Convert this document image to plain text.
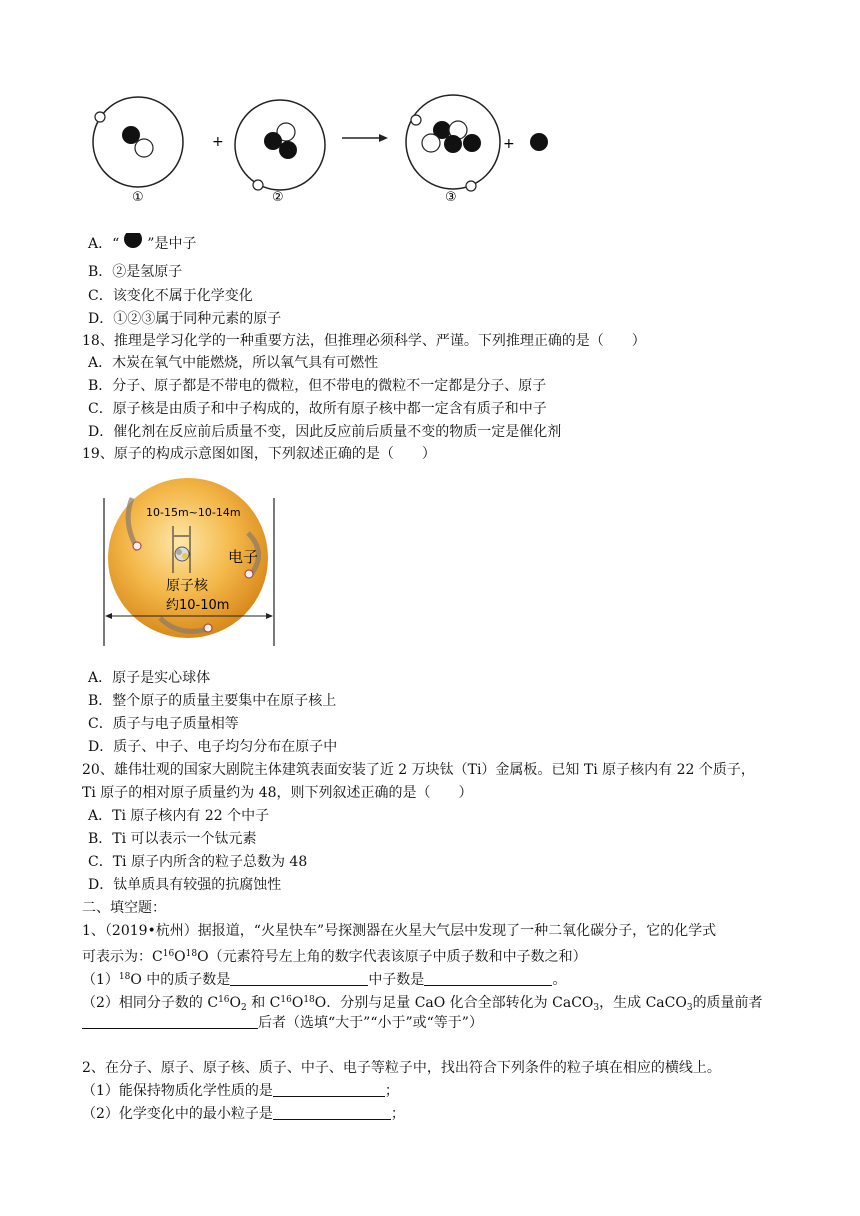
+	+
①	②	③
A．“ ”是中子
B．②是氢原子
C．该变化不属于化学变化
D．①②③属于同种元素的原子
18、推理是学习化学的一种重要方法，但推理必须科学、严谨。下列推理正确的是（　　）
A．木炭在氧气中能燃烧，所以氧气具有可燃性
B．分子、原子都是不带电的微粒，但不带电的微粒不一定都是分子、原子
C．原子核是由质子和中子构成的，故所有原子核中都一定含有质子和中子
D．催化剂在反应前后质量不变，因此反应前后质量不变的物质一定是催化剂
19、原子的构成示意图如图，下列叙述正确的是（　　）
10-15m~10-14m
电子
原子核
约10-10m
A．原子是实心球体
B．整个原子的质量主要集中在原子核上
C．质子与电子质量相等
D．质子、中子、电子均匀分布在原子中
20、雄伟壮观的国家大剧院主体建筑表面安装了近 2 万块钛（Ti）金属板。已知 Ti 原子核内有 22 个质子，
Ti 原子的相对原子质量约为 48，则下列叙述正确的是（　　）
A．Ti 原子核内有 22 个中子
B．Ti 可以表示一个钛元素
C．Ti 原子内所含的粒子总数为 48
D．钛单质具有较强的抗腐蚀性
二、填空题：
1、（2019•杭州）据报道，“火星快车”号探测器在火星大气层中发现了一种二氧化碳分子，它的化学式
可表示为：$C^{16}O^{18}O$（元素符号左上角的数字代表该原子中质子数和中子数之和）
$(1)^{18}O$ 中的质子数是	中子数是	。
（2）相同分子数的 $C^{16}O_2$ 和 $C^{16}O^{18}O$．分别与足量 CaO 化合全部转化为 CaCO$_3$，生成 CaCO$_3$的质量前者
后者（选填“大于”“小于”或“等于”）
2、在分子、原子、原子核、质子、中子、电子等粒子中，找出符合下列条件的粒子填在相应的横线上。
（1）能保持物质化学性质的是	；
（2）化学变化中的最小粒子是	；
